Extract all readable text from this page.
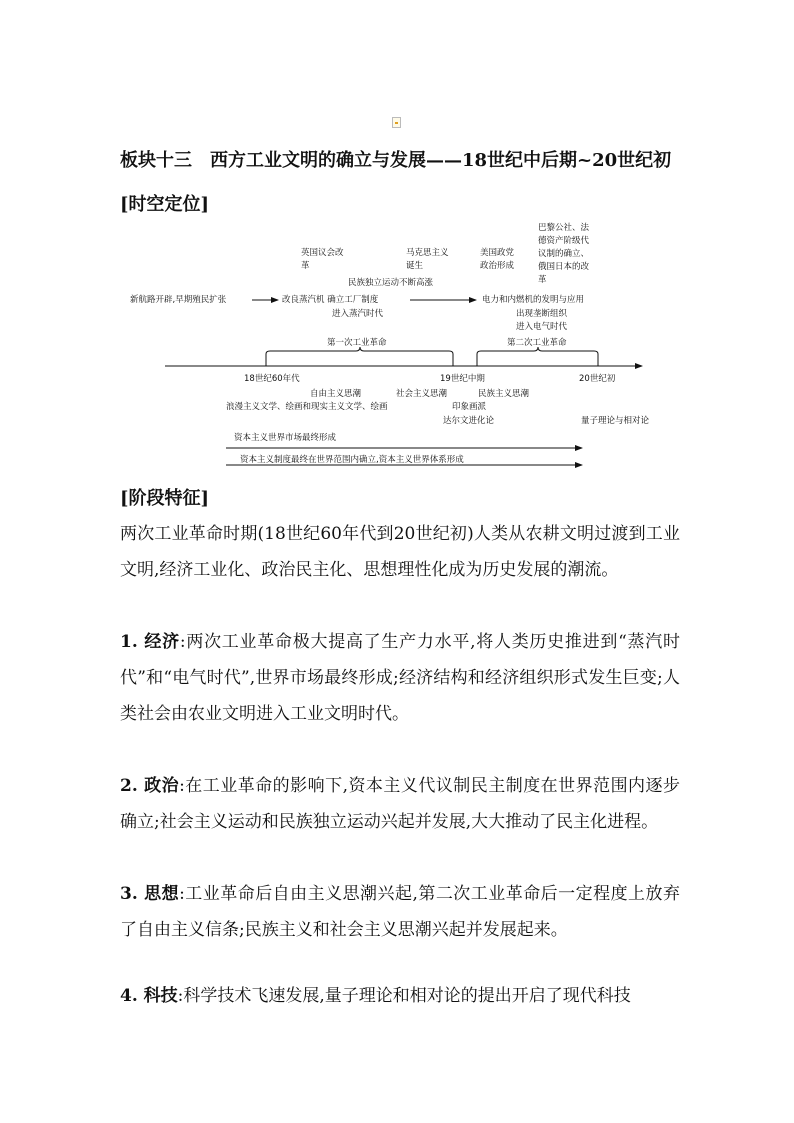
板块十三　西方工业文明的确立与发展——18世纪中后期~20世纪初
[时空定位]
英国议会改革
马克思主义诞生
美国政党政治形成
巴黎公社、法德资产阶级代议制的确立、俄国日本的改革
民族独立运动不断高涨
新航路开辟,早期殖民扩张	改良蒸汽机 确立工厂制度
进入蒸汽时代
电力和内燃机的发明与应用
出现垄断组织
进入电气时代
第一次工业革命	第二次工业革命
18世纪60年代	19世纪中期	20世纪初
自由主义思潮	社会主义思潮	民族主义思潮
浪漫主义文学、绘画和现实主义文学、绘画	印象画派
达尔文进化论	量子理论与相对论
资本主义世界市场最终形成
资本主义制度最终在世界范围内确立,资本主义世界体系形成
[阶段特征]
两次工业革命时期(18世纪60年代到20世纪初)人类从农耕文明过渡到工业文明,经济工业化、政治民主化、思想理性化成为历史发展的潮流。
1. 经济:两次工业革命极大提高了生产力水平,将人类历史推进到“蒸汽时代”和“电气时代”,世界市场最终形成;经济结构和经济组织形式发生巨变;人类社会由农业文明进入工业文明时代。
2. 政治:在工业革命的影响下,资本主义代议制民主制度在世界范围内逐步确立;社会主义运动和民族独立运动兴起并发展,大大推动了民主化进程。
3. 思想:工业革命后自由主义思潮兴起,第二次工业革命后一定程度上放弃了自由主义信条;民族主义和社会主义思潮兴起并发展起来。
4. 科技:科学技术飞速发展,量子理论和相对论的提出开启了现代科技
